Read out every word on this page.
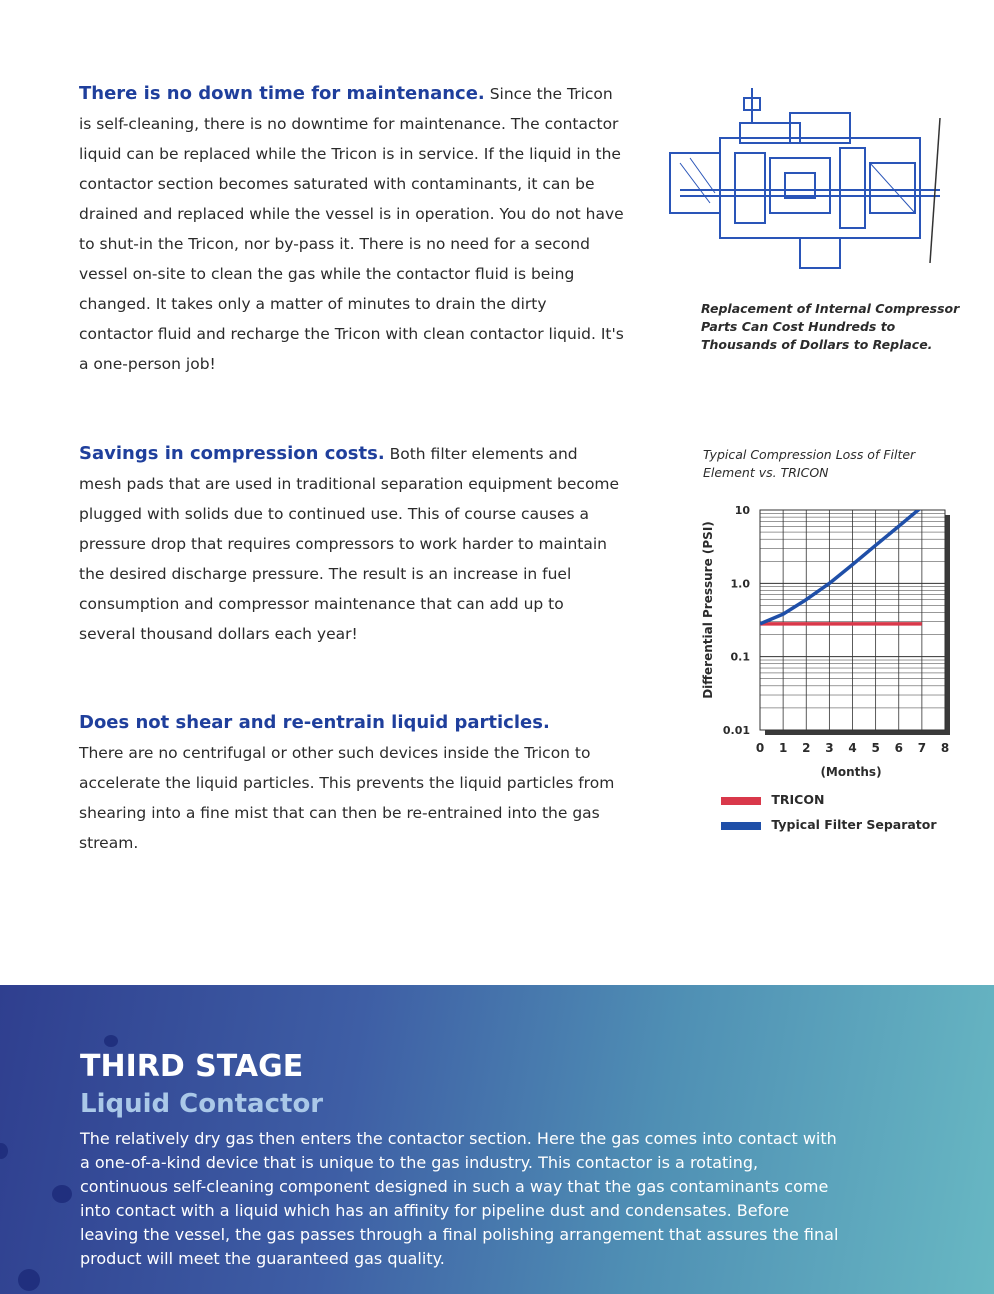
There is no down time for maintenance. Since the Tricon is self-cleaning, there is no downtime for maintenance. The contactor liquid can be replaced while the Tricon is in service. If the liquid in the contactor section becomes saturated with contaminants, it can be drained and replaced while the vessel is in operation. You do not have to shut-in the Tricon, nor by-pass it. There is no need for a second vessel on-site to clean the gas while the contactor fluid is being changed. It takes only a matter of minutes to drain the dirty contactor fluid and recharge the Tricon with clean contactor liquid. It's a one-person job!
Savings in compression costs. Both filter elements and mesh pads that are used in traditional separation equipment become plugged with solids due to continued use. This of course causes a pressure drop that requires compressors to work harder to maintain the desired discharge pressure. The result is an increase in fuel consumption and compressor maintenance that can add up to several thousand dollars each year!
Does not shear and re-entrain liquid particles.
There are no centrifugal or other such devices inside the Tricon to accelerate the liquid particles. This prevents the liquid particles from shearing into a fine mist that can then be re-entrained into the gas stream.
Replacement of Internal Compressor Parts Can Cost Hundreds to Thousands of Dollars to Replace.
Typical Compression Loss of Filter Element vs. TRICON
0 1 2 3 4 5 6 7 8
10
1.0
0.1
0.01
Differential Pressure (PSI)
(Months)
TRICON
Typical Filter Separator
THIRD STAGE
Liquid Contactor
The relatively dry gas then enters the contactor section. Here the gas comes into contact with a one-of-a-kind device that is unique to the gas industry. This contactor is a rotating, continuous self-cleaning component designed in such a way that the gas contaminants come into contact with a liquid which has an affinity for pipeline dust and condensates. Before leaving the vessel, the gas passes through a final polishing arrangement that assures the final product will meet the guaranteed gas quality.
